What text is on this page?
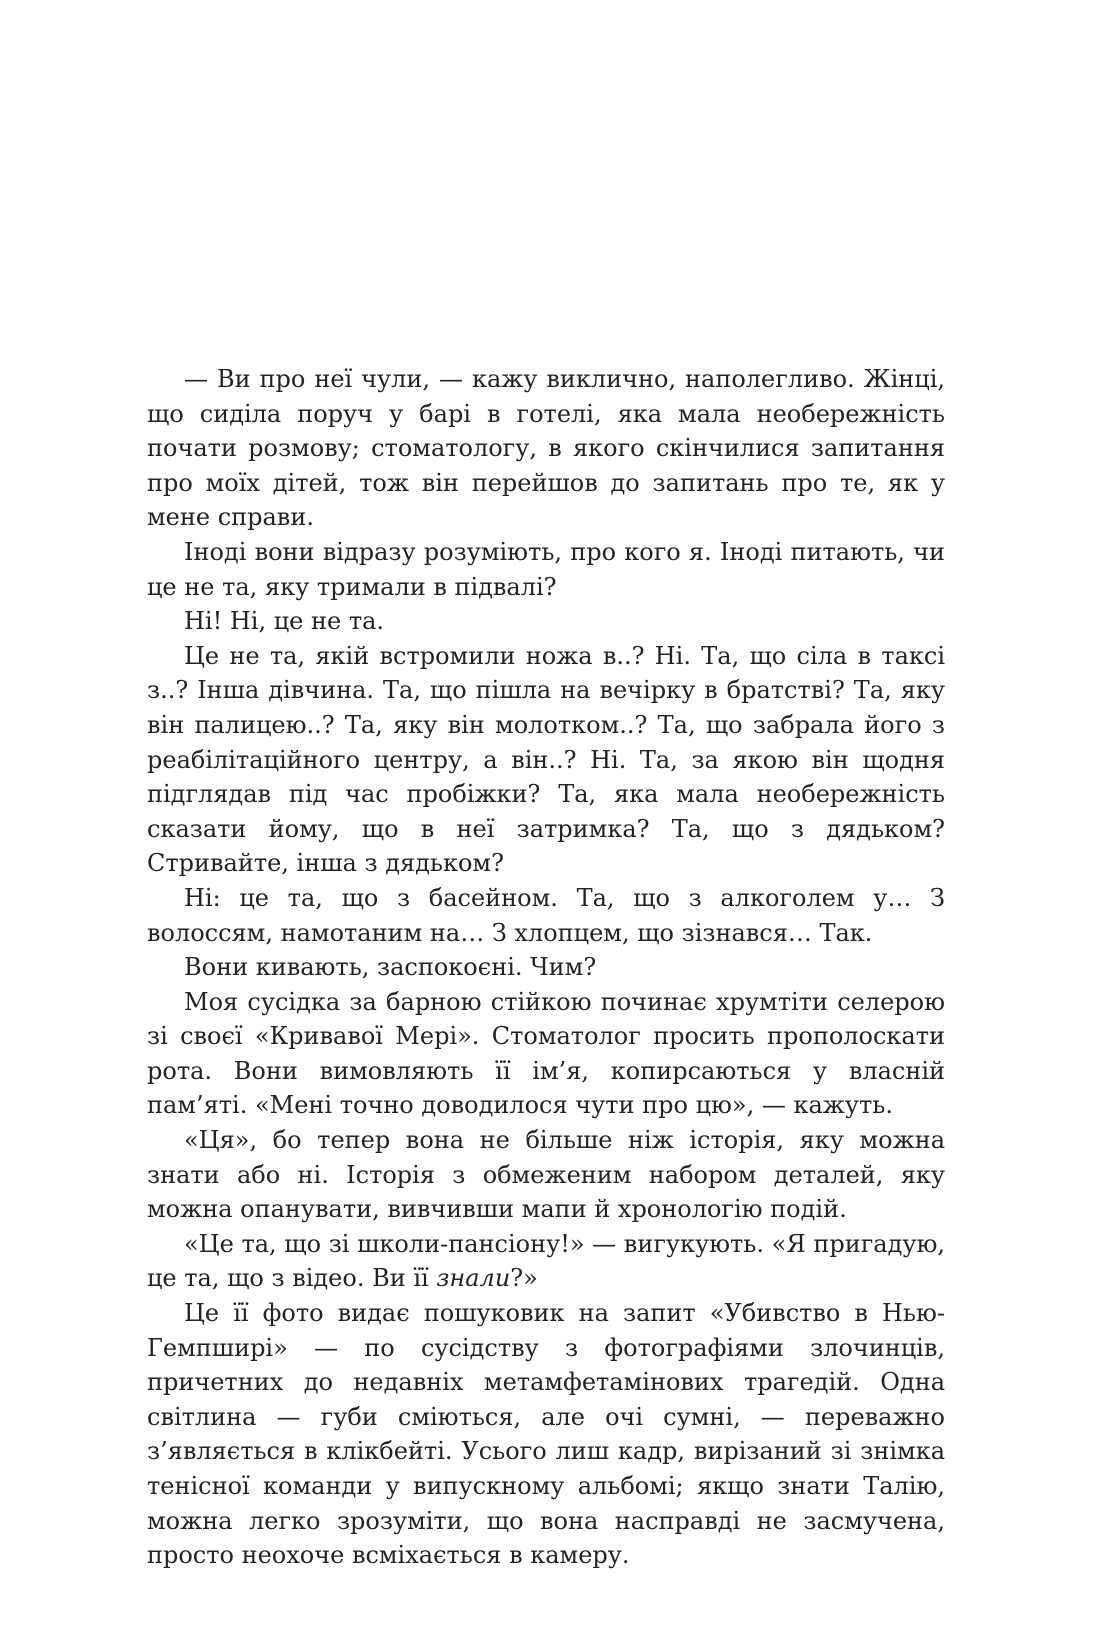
— Ви про неї чули, — кажу виклично, наполегливо. Жінці, що сиділа поруч у барі в готелі, яка мала необережність почати розмову; стоматологу, в якого скінчилися запитання про моїх дітей, тож він перейшов до запитань про те, як у мене справи.

Іноді вони відразу розуміють, про кого я. Іноді питають, чи це не та, яку тримали в підвалі?

Ні! Ні, це не та.

Це не та, якій встромили ножа в..? Ні. Та, що сіла в таксі з..? Інша дівчина. Та, що пішла на вечірку в братстві? Та, яку він палицею..? Та, яку він молотком..? Та, що забрала його з реабілітаційного центру, а він..? Ні. Та, за якою він щодня підглядав під час пробіжки? Та, яка мала необережність сказати йому, що в неї затримка? Та, що з дядьком? Стривайте, інша з дядьком?

Ні: це та, що з басейном. Та, що з алкоголем у… З волоссям, намотаним на… З хлопцем, що зізнався… Так.

Вони кивають, заспокоєні. Чим?

Моя сусідка за барною стійкою починає хрумтіти селерою зі своєї «Кривавої Мері». Стоматолог просить прополоскати рота. Вони вимовляють її ім’я, копирсаються у власній пам’яті. «Мені точно доводилося чути про цю», — кажуть.

«Ця», бо тепер вона не більше ніж історія, яку можна знати або ні. Історія з обмеженим набором деталей, яку можна опанувати, вивчивши мапи й хронологію подій.

«Це та, що зі школи-пансіону!» — вигукують. «Я пригадую, це та, що з відео. Ви її знали?»

Це її фото видає пошуковик на запит «Убивство в Нью-Гемпширі» — по сусідству з фотографіями злочинців, причетних до недавніх метамфетамінових трагедій. Одна світлина — губи сміються, але очі сумні, — переважно з’являється в клікбейті. Усього лиш кадр, вирізаний зі знімка тенісної команди у випускному альбомі; якщо знати Талію, можна легко зрозуміти, що вона насправді не засмучена, просто неохоче всміхається в камеру.
